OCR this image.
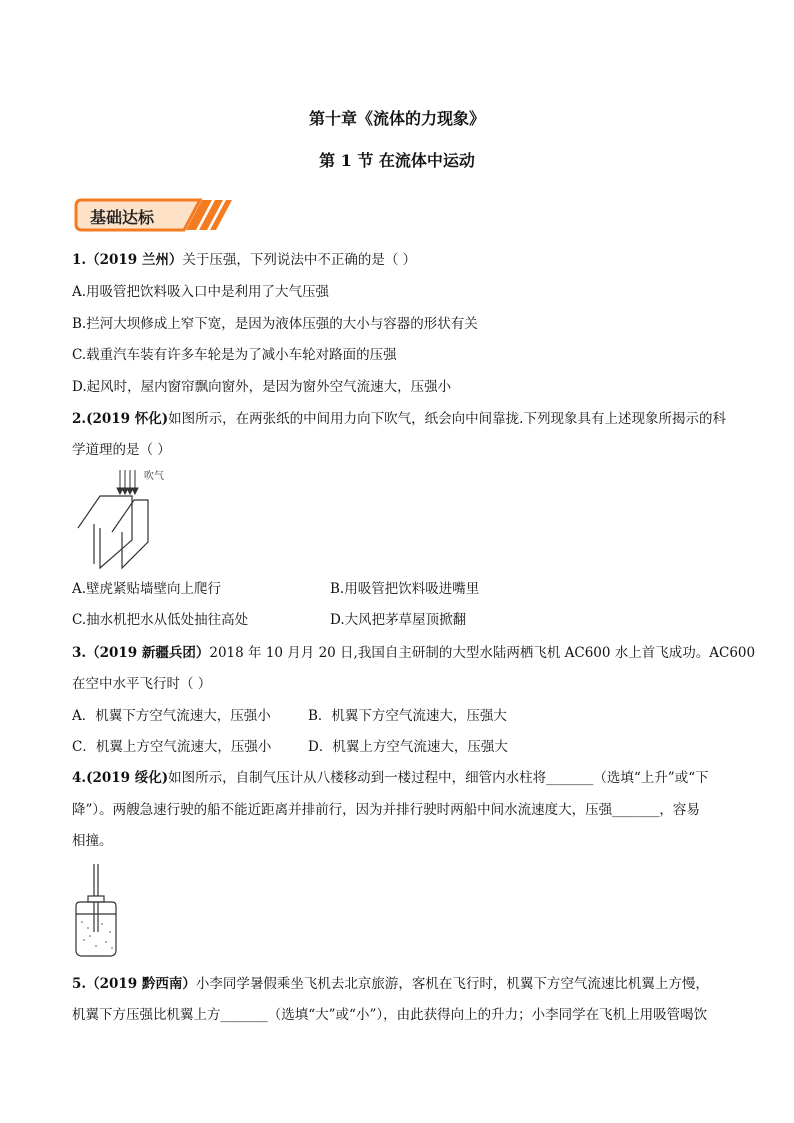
第十章《流体的力现象》
第 1 节 在流体中运动
基础达标
1.（2019 兰州）关于压强，下列说法中不正确的是（ ）
A.用吸管把饮料吸入口中是利用了大气压强
B.拦河大坝修成上窄下宽，是因为液体压强的大小与容器的形状有关
C.载重汽车装有许多车轮是为了减小车轮对路面的压强
D.起风时，屋内窗帘飘向窗外，是因为窗外空气流速大，压强小
2.(2019 怀化)如图所示，在两张纸的中间用力向下吹气，纸会向中间靠拢.下列现象具有上述现象所揭示的科
学道理的是（ ）
吹气
A.壁虎紧贴墙壁向上爬行	B.用吸管把饮料吸进嘴里
C.抽水机把水从低处抽往高处	D.大风把茅草屋顶掀翻
3.（2019 新疆兵团）2018 年 10 月月 20 日,我国自主研制的大型水陆两栖飞机 AC600 水上首飞成功。AC600
在空中水平飞行时（ ）
A．机翼下方空气流速大，压强小	B．机翼下方空气流速大，压强大
C．机翼上方空气流速大，压强小	D．机翼上方空气流速大，压强大
4.(2019 绥化)如图所示，自制气压计从八楼移动到一楼过程中，细管内水柱将_______（选填“上升”或“下
降”）。两艘急速行驶的船不能近距离并排前行，因为并排行驶时两船中间水流速度大，压强_______，容易
相撞。
5.（2019 黔西南）小李同学暑假乘坐飞机去北京旅游，客机在飞行时，机翼下方空气流速比机翼上方慢，
机翼下方压强比机翼上方_______（选填“大”或“小”），由此获得向上的升力；小李同学在飞机上用吸管喝饮
